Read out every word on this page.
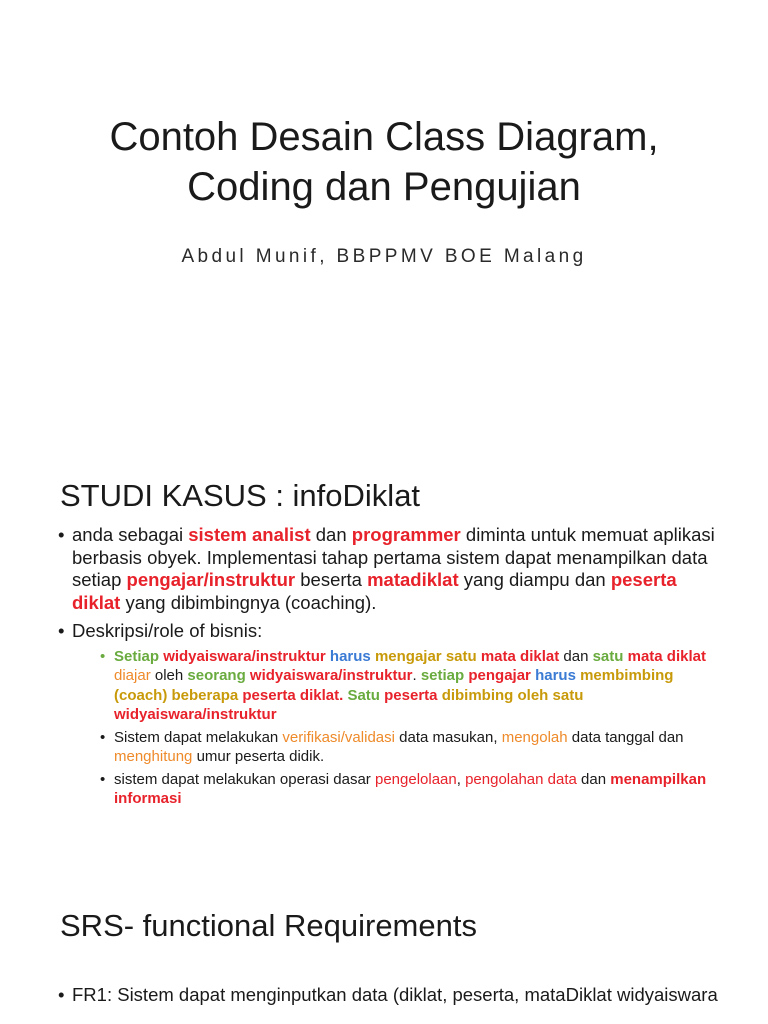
Contoh Desain Class Diagram,
Coding dan Pengujian
Abdul Munif, BBPPMV BOE Malang
STUDI KASUS : infoDiklat
• anda sebagai sistem analist dan programmer diminta untuk memuat aplikasi berbasis obyek. Implementasi tahap pertama sistem dapat menampilkan data setiap pengajar/instruktur beserta matadiklat yang diampu dan peserta diklat yang dibimbingnya (coaching).
• Deskripsi/role of bisnis:
• Setiap widyaiswara/instruktur harus mengajar satu mata diklat dan satu mata diklat diajar oleh seorang widyaiswara/instruktur. setiap pengajar harus membimbing (coach) beberapa peserta diklat. Satu peserta dibimbing oleh satu widyaiswara/instruktur
• Sistem dapat melakukan verifikasi/validasi data masukan, mengolah data tanggal dan menghitung umur peserta didik.
• sistem dapat melakukan operasi dasar pengelolaan, pengolahan data dan menampilkan informasi
SRS- functional Requirements
• FR1: Sistem dapat menginputkan data (diklat, peserta, mataDiklat widyaiswara
